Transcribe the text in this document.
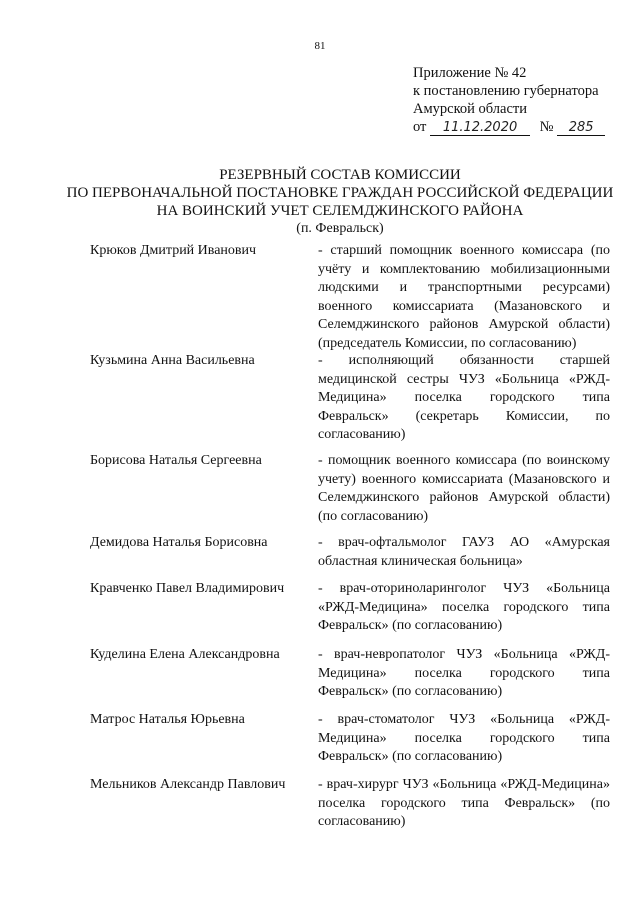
81
Приложение № 42
к постановлению губернатора
Амурской области
от 11.12.2020 № 285
РЕЗЕРВНЫЙ СОСТАВ КОМИССИИ
ПО ПЕРВОНАЧАЛЬНОЙ ПОСТАНОВКЕ ГРАЖДАН РОССИЙСКОЙ ФЕДЕРАЦИИ
НА ВОИНСКИЙ УЧЕТ СЕЛЕМДЖИНСКОГО РАЙОНА
(п. Февральск)
Крюков Дмитрий Иванович	- старший помощник военного комиссара (по учёту и комплектованию мобилизационными людскими и транспортными ресурсами) военного комиссариата (Мазановского и Селемджинского районов Амурской области) (председатель Комиссии, по согласованию)
Кузьмина Анна Васильевна	- исполняющий обязанности старшей медицинской сестры ЧУЗ «Больница «РЖД-Медицина» поселка городского типа Февральск» (секретарь Комиссии, по согласованию)
Борисова Наталья Сергеевна	- помощник военного комиссара (по воинскому учету) военного комиссариата (Мазановского и Селемджинского районов Амурской области) (по согласованию)
Демидова Наталья Борисовна	- врач-офтальмолог ГАУЗ АО «Амурская областная клиническая больница»
Кравченко Павел Владимирович	- врач-оториноларинголог ЧУЗ «Больница «РЖД-Медицина» поселка городского типа Февральск» (по согласованию)
Куделина Елена Александровна	- врач-невропатолог ЧУЗ «Больница «РЖД-Медицина» поселка городского типа Февральск» (по согласованию)
Матрос Наталья Юрьевна	- врач-стоматолог ЧУЗ «Больница «РЖД-Медицина» поселка городского типа Февральск» (по согласованию)
Мельников Александр Павлович	- врач-хирург ЧУЗ «Больница «РЖД-Медицина» поселка городского типа Февральск» (по согласованию)
